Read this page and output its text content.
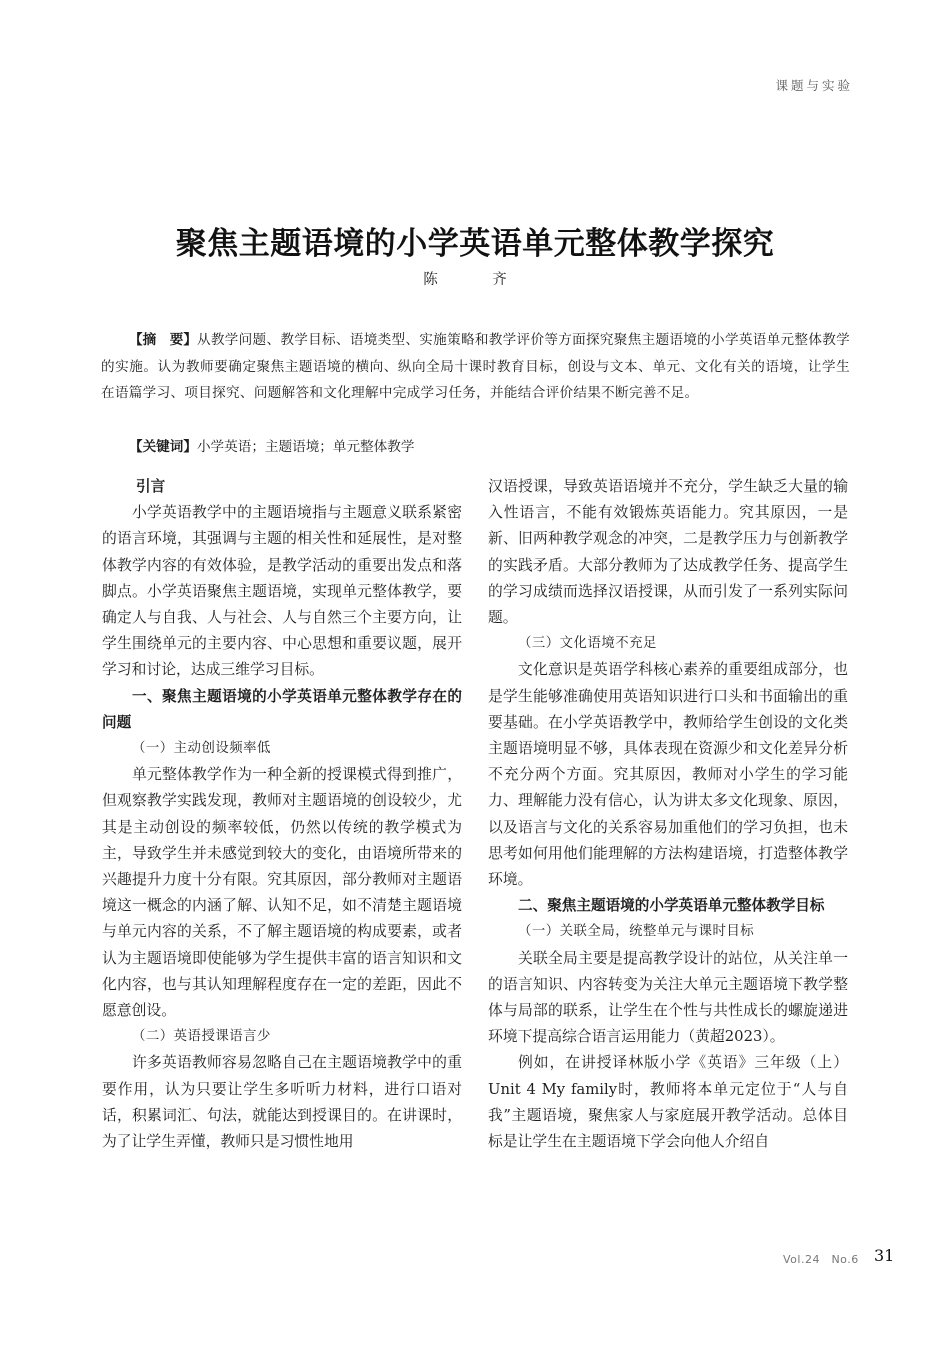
课题与实验
聚焦主题语境的小学英语单元整体教学探究
陈　齐

【摘　要】从教学问题、教学目标、语境类型、实施策略和教学评价等方面探究聚焦主题语境的小学英语单元整体教学的实施。认为教师要确定聚焦主题语境的横向、纵向全局十课时教育目标，创设与文本、单元、文化有关的语境，让学生在语篇学习、项目探究、问题解答和文化理解中完成学习任务，并能结合评价结果不断完善不足。

【关键词】小学英语；主题语境；单元整体教学

引言

小学英语教学中的主题语境指与主题意义联系紧密的语言环境，其强调与主题的相关性和延展性，是对整体教学内容的有效体验，是教学活动的重要出发点和落脚点。小学英语聚焦主题语境，实现单元整体教学，要确定人与自我、人与社会、人与自然三个主要方向，让学生围绕单元的主要内容、中心思想和重要议题，展开学习和讨论，达成三维学习目标。

一、聚焦主题语境的小学英语单元整体教学存在的问题

（一）主动创设频率低

单元整体教学作为一种全新的授课模式得到推广，但观察教学实践发现，教师对主题语境的创设较少，尤其是主动创设的频率较低，仍然以传统的教学模式为主，导致学生并未感觉到较大的变化，由语境所带来的兴趣提升力度十分有限。究其原因，部分教师对主题语境这一概念的内涵了解、认知不足，如不清楚主题语境与单元内容的关系，不了解主题语境的构成要素，或者认为主题语境即使能够为学生提供丰富的语言知识和文化内容，也与其认知理解程度存在一定的差距，因此不愿意创设。

（二）英语授课语言少

许多英语教师容易忽略自己在主题语境教学中的重要作用，认为只要让学生多听听力材料，进行口语对话，积累词汇、句法，就能达到授课目的。在讲课时，为了让学生弄懂，教师只是习惯性地用

汉语授课，导致英语语境并不充分，学生缺乏大量的输入性语言，不能有效锻炼英语能力。究其原因，一是新、旧两种教学观念的冲突，二是教学压力与创新教学的实践矛盾。大部分教师为了达成教学任务、提高学生的学习成绩而选择汉语授课，从而引发了一系列实际问题。

（三）文化语境不充足

文化意识是英语学科核心素养的重要组成部分，也是学生能够准确使用英语知识进行口头和书面输出的重要基础。在小学英语教学中，教师给学生创设的文化类主题语境明显不够，具体表现在资源少和文化差异分析不充分两个方面。究其原因，教师对小学生的学习能力、理解能力没有信心，认为讲太多文化现象、原因，以及语言与文化的关系容易加重他们的学习负担，也未思考如何用他们能理解的方法构建语境，打造整体教学环境。

二、聚焦主题语境的小学英语单元整体教学目标

（一）关联全局，统整单元与课时目标

关联全局主要是提高教学设计的站位，从关注单一的语言知识、内容转变为关注大单元主题语境下教学整体与局部的联系，让学生在个性与共性成长的螺旋递进环境下提高综合语言运用能力（黄超2023）。

例如，在讲授译林版小学《英语》三年级（上）Unit 4 My family时，教师将本单元定位于“人与自我”主题语境，聚焦家人与家庭展开教学活动。总体目标是让学生在主题语境下学会向他人介绍自

Vol.24　No.6 31
